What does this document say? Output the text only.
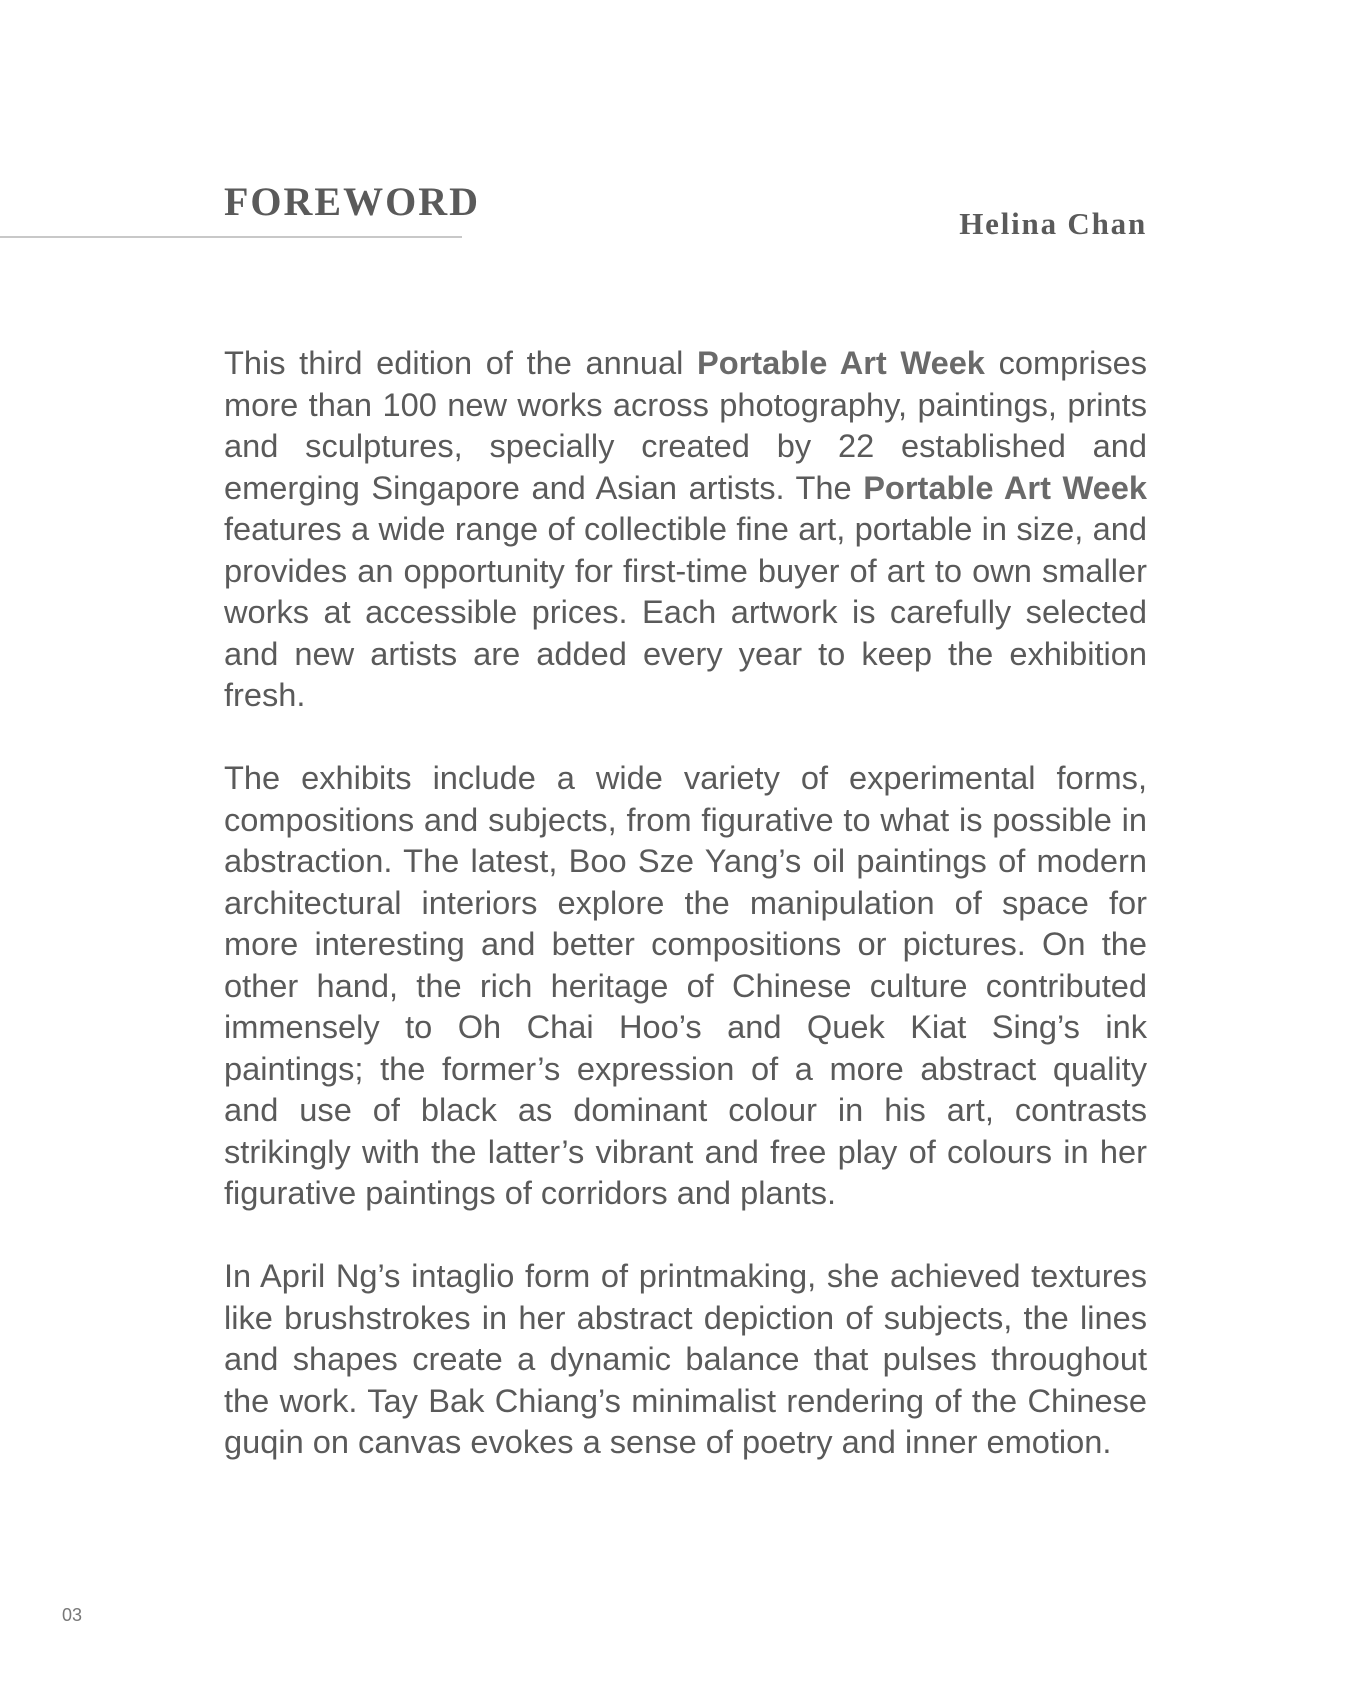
FOREWORD	Helina Chan

This third edition of the annual Portable Art Week comprises more than 100 new works across photography, paintings, prints and sculptures, specially created by 22 established and emerging Singapore and Asian artists. The Portable Art Week features a wide range of collectible fine art, portable in size, and provides an opportunity for first-time buyer of art to own smaller works at accessible prices. Each artwork is carefully selected and new artists are added every year to keep the exhibition fresh.

The exhibits include a wide variety of experimental forms, compositions and subjects, from figurative to what is possible in abstraction. The latest, Boo Sze Yang’s oil paintings of modern architectural interiors explore the manipulation of space for more interesting and better compositions or pictures. On the other hand, the rich heritage of Chinese culture contributed immensely to Oh Chai Hoo’s and Quek Kiat Sing’s ink paintings; the former’s expression of a more abstract quality and use of black as dominant colour in his art, contrasts strikingly with the latter’s vibrant and free play of colours in her figurative paintings of corridors and plants.

In April Ng’s intaglio form of printmaking, she achieved textures like brushstrokes in her abstract depiction of subjects, the lines and shapes create a dynamic balance that pulses throughout the work. Tay Bak Chiang’s minimalist rendering of the Chinese guqin on canvas evokes a sense of poetry and inner emotion.

03
